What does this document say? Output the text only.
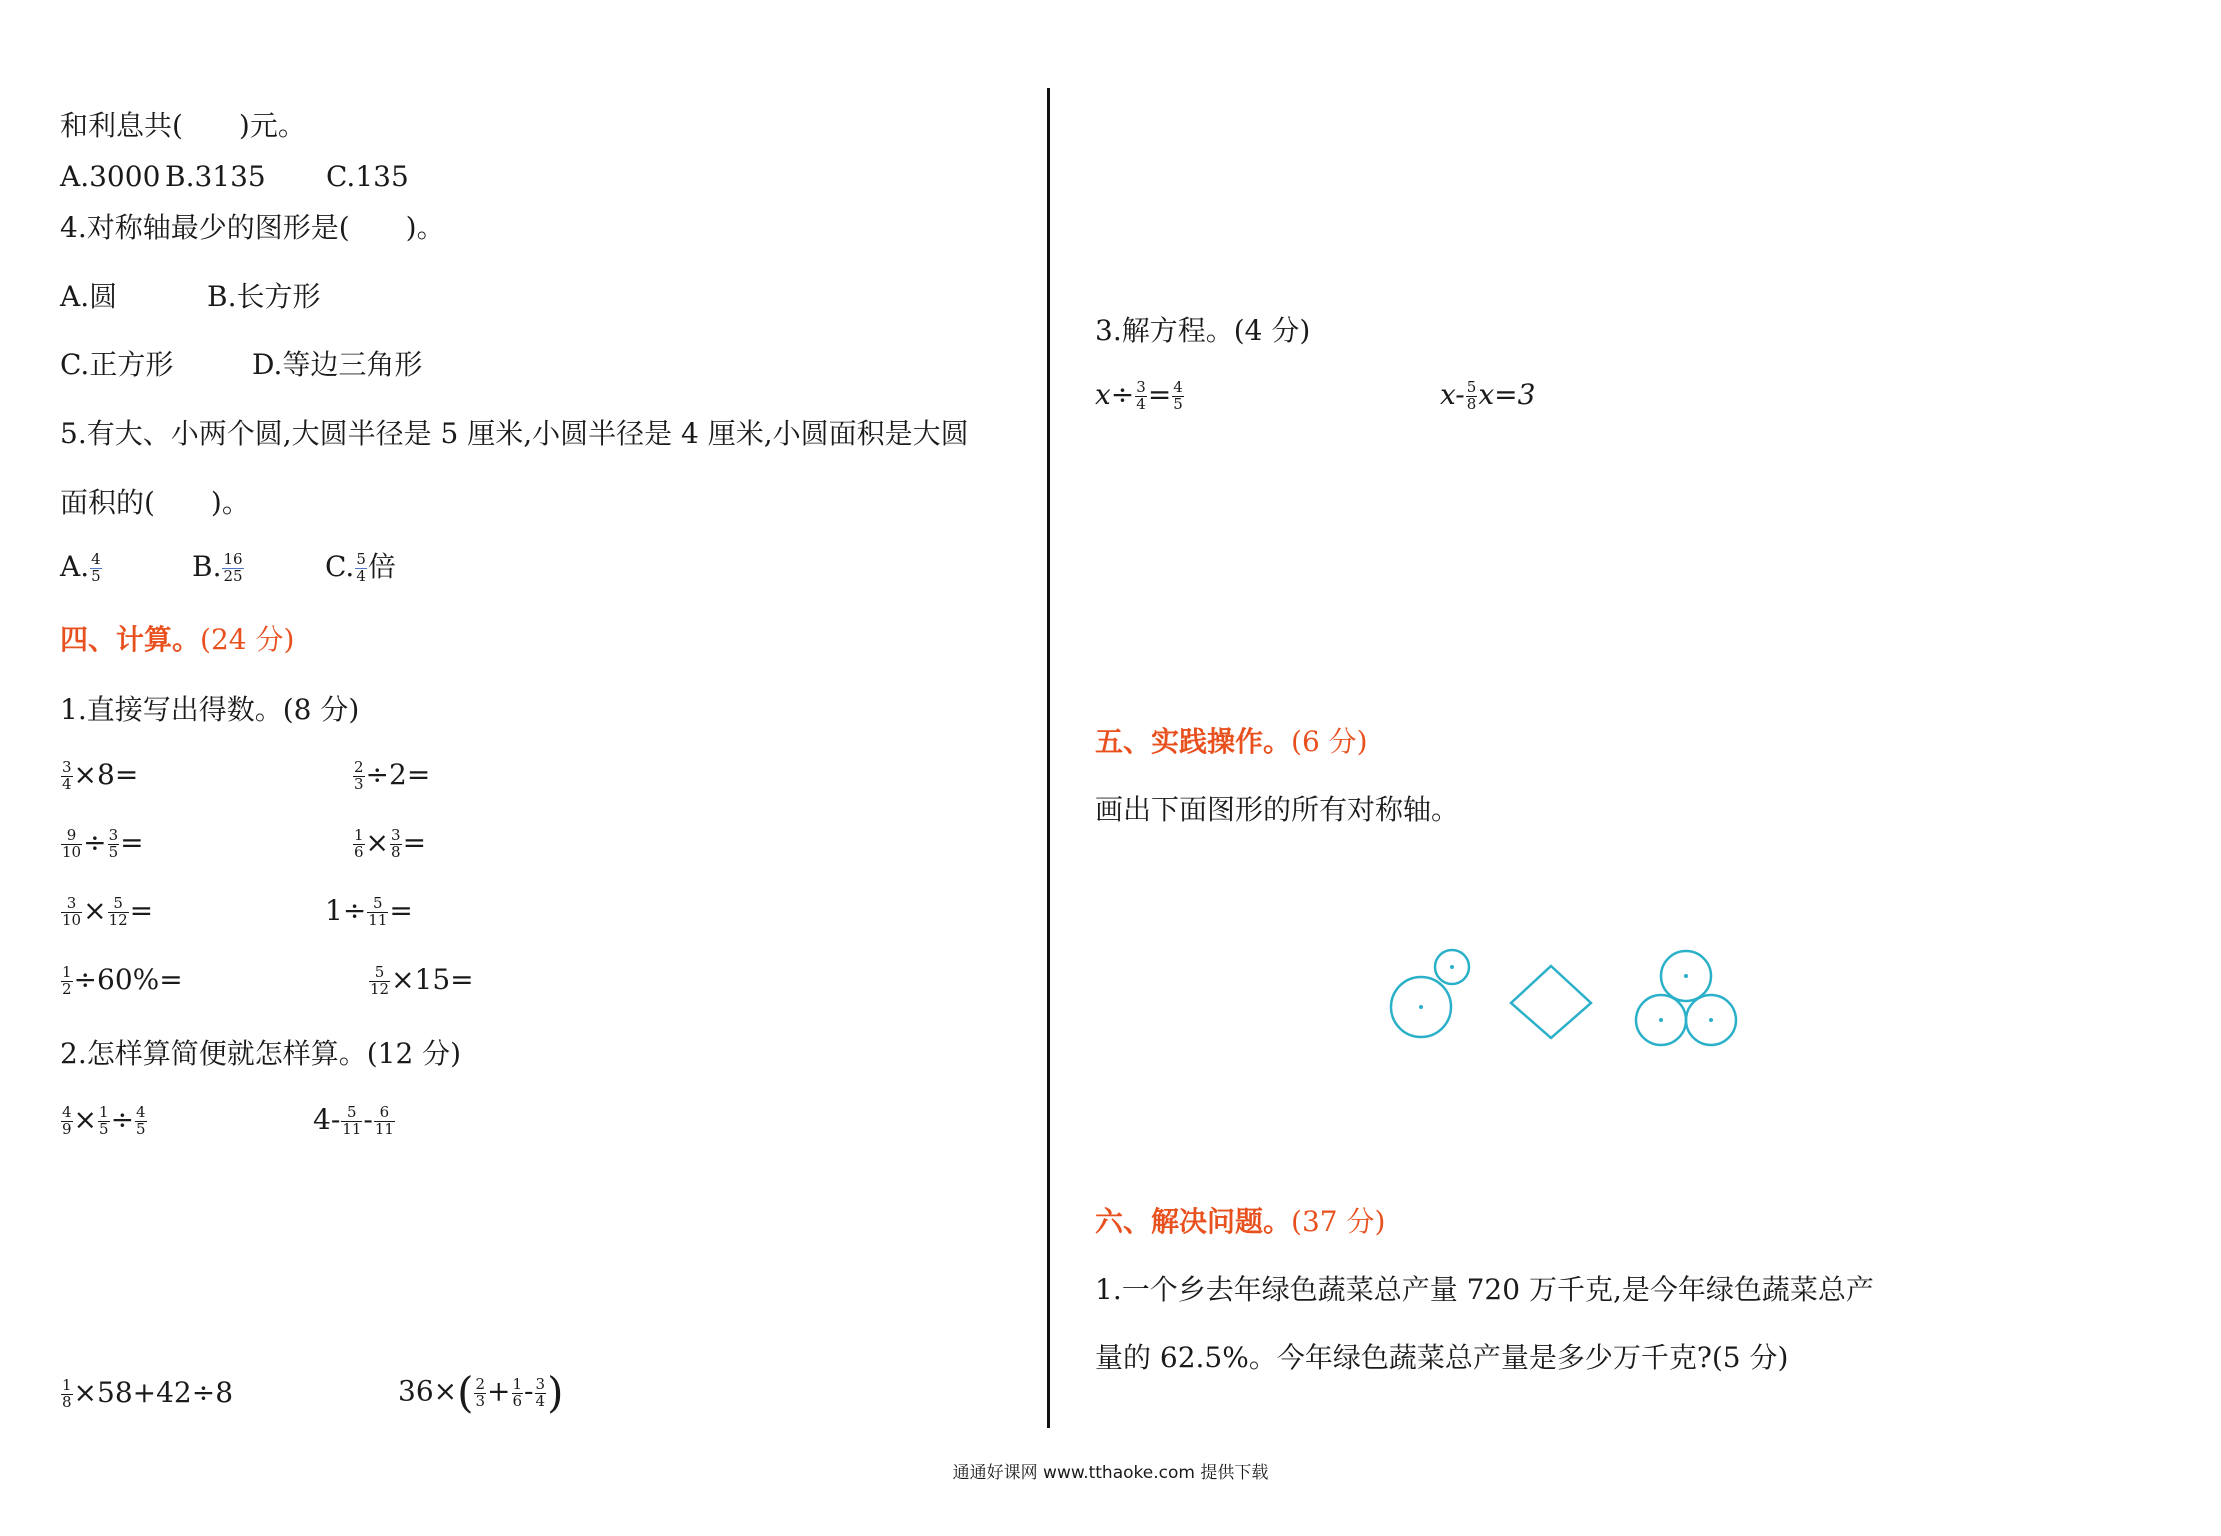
和利息共(　　)元。
A.3000 B.3135 C.135
4.对称轴最少的图形是(　　)。
A.圆	B.长方形
C.正方形	D.等边三角形
5.有大、小两个圆,大圆半径是 5 厘米,小圆半径是 4 厘米,小圆面积是大圆
面积的(　　)。
A. $\frac{4}{5}$	B. $\frac{16}{25}$	C. $\frac{5}{4}$ 倍
四、计算。(24 分)
1.直接写出得数。(8 分)
$\frac{3}{4} \times 8=$	$\frac{2}{3} \div 2=$
$\frac{9}{10} \div \frac{3}{5}$ =	$\frac{1}{6} \times \frac{3}{8}$ =
$\frac{3}{10} \times \frac{5}{12}$ =	$1\div \frac{5}{11}$ =
$\frac{1}{2} \div 60\%=$	$\frac{5}{12} \times 15=$
2.怎样算简便就怎样算。(12 分)
$\frac{4}{9} \times \frac{1}{5} \div \frac{4}{5}$	$4- \frac{5}{11} - \frac{6}{11}$
$\frac{1}{8} \times 58+42\div 8$	$36\times( \frac{2}{3} + \frac{1}{6} - \frac{3}{4}$ )
3.解方程。(4 分)
$x\div \frac{3}{4} = \frac{4}{5}$	$x- \frac{5}{8} x=3$
五、实践操作。(6 分)
画出下面图形的所有对称轴。
六、解决问题。(37 分)
1.一个乡去年绿色蔬菜总产量 720 万千克,是今年绿色蔬菜总产
量的 62.5%。今年绿色蔬菜总产量是多少万千克?(5 分)
通通好课网 www.tthaoke.com 提供下载
